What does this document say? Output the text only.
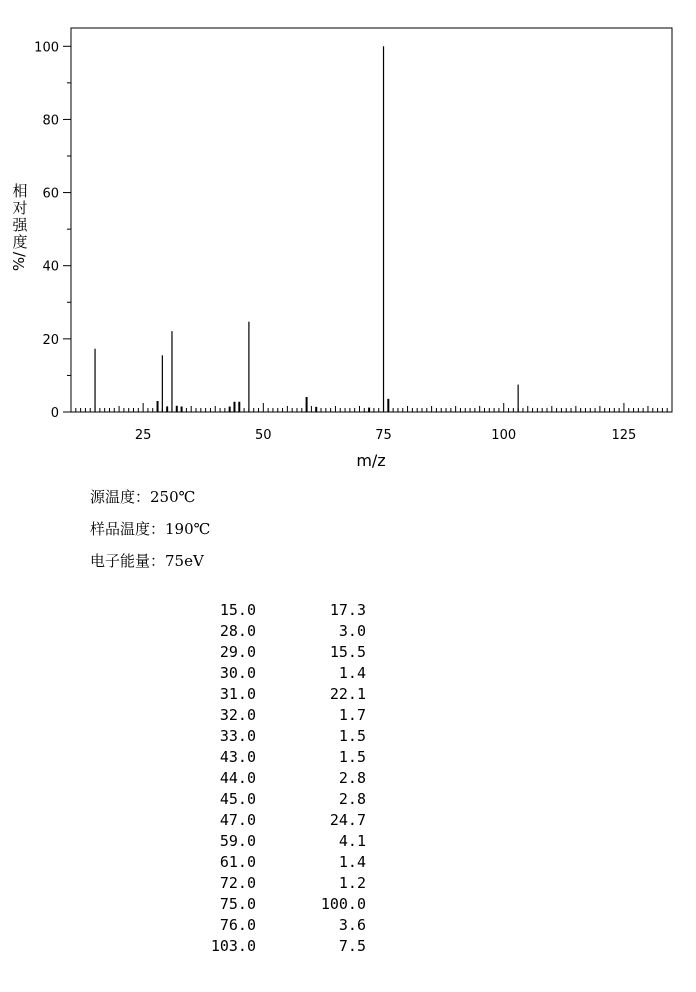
25	50	75	100	125
0
20
40
60
80
100
m/z
相
对
强
度
%/
源温度：250℃
样品温度：190℃
电子能量：75eV
15.0	17.3
28.0	3.0
29.0	15.5
30.0	1.4
31.0	22.1
32.0	1.7
33.0	1.5
43.0	1.5
44.0	2.8
45.0	2.8
47.0	24.7
59.0	4.1
61.0	1.4
72.0	1.2
75.0	100.0
76.0	3.6
103.0	7.5
